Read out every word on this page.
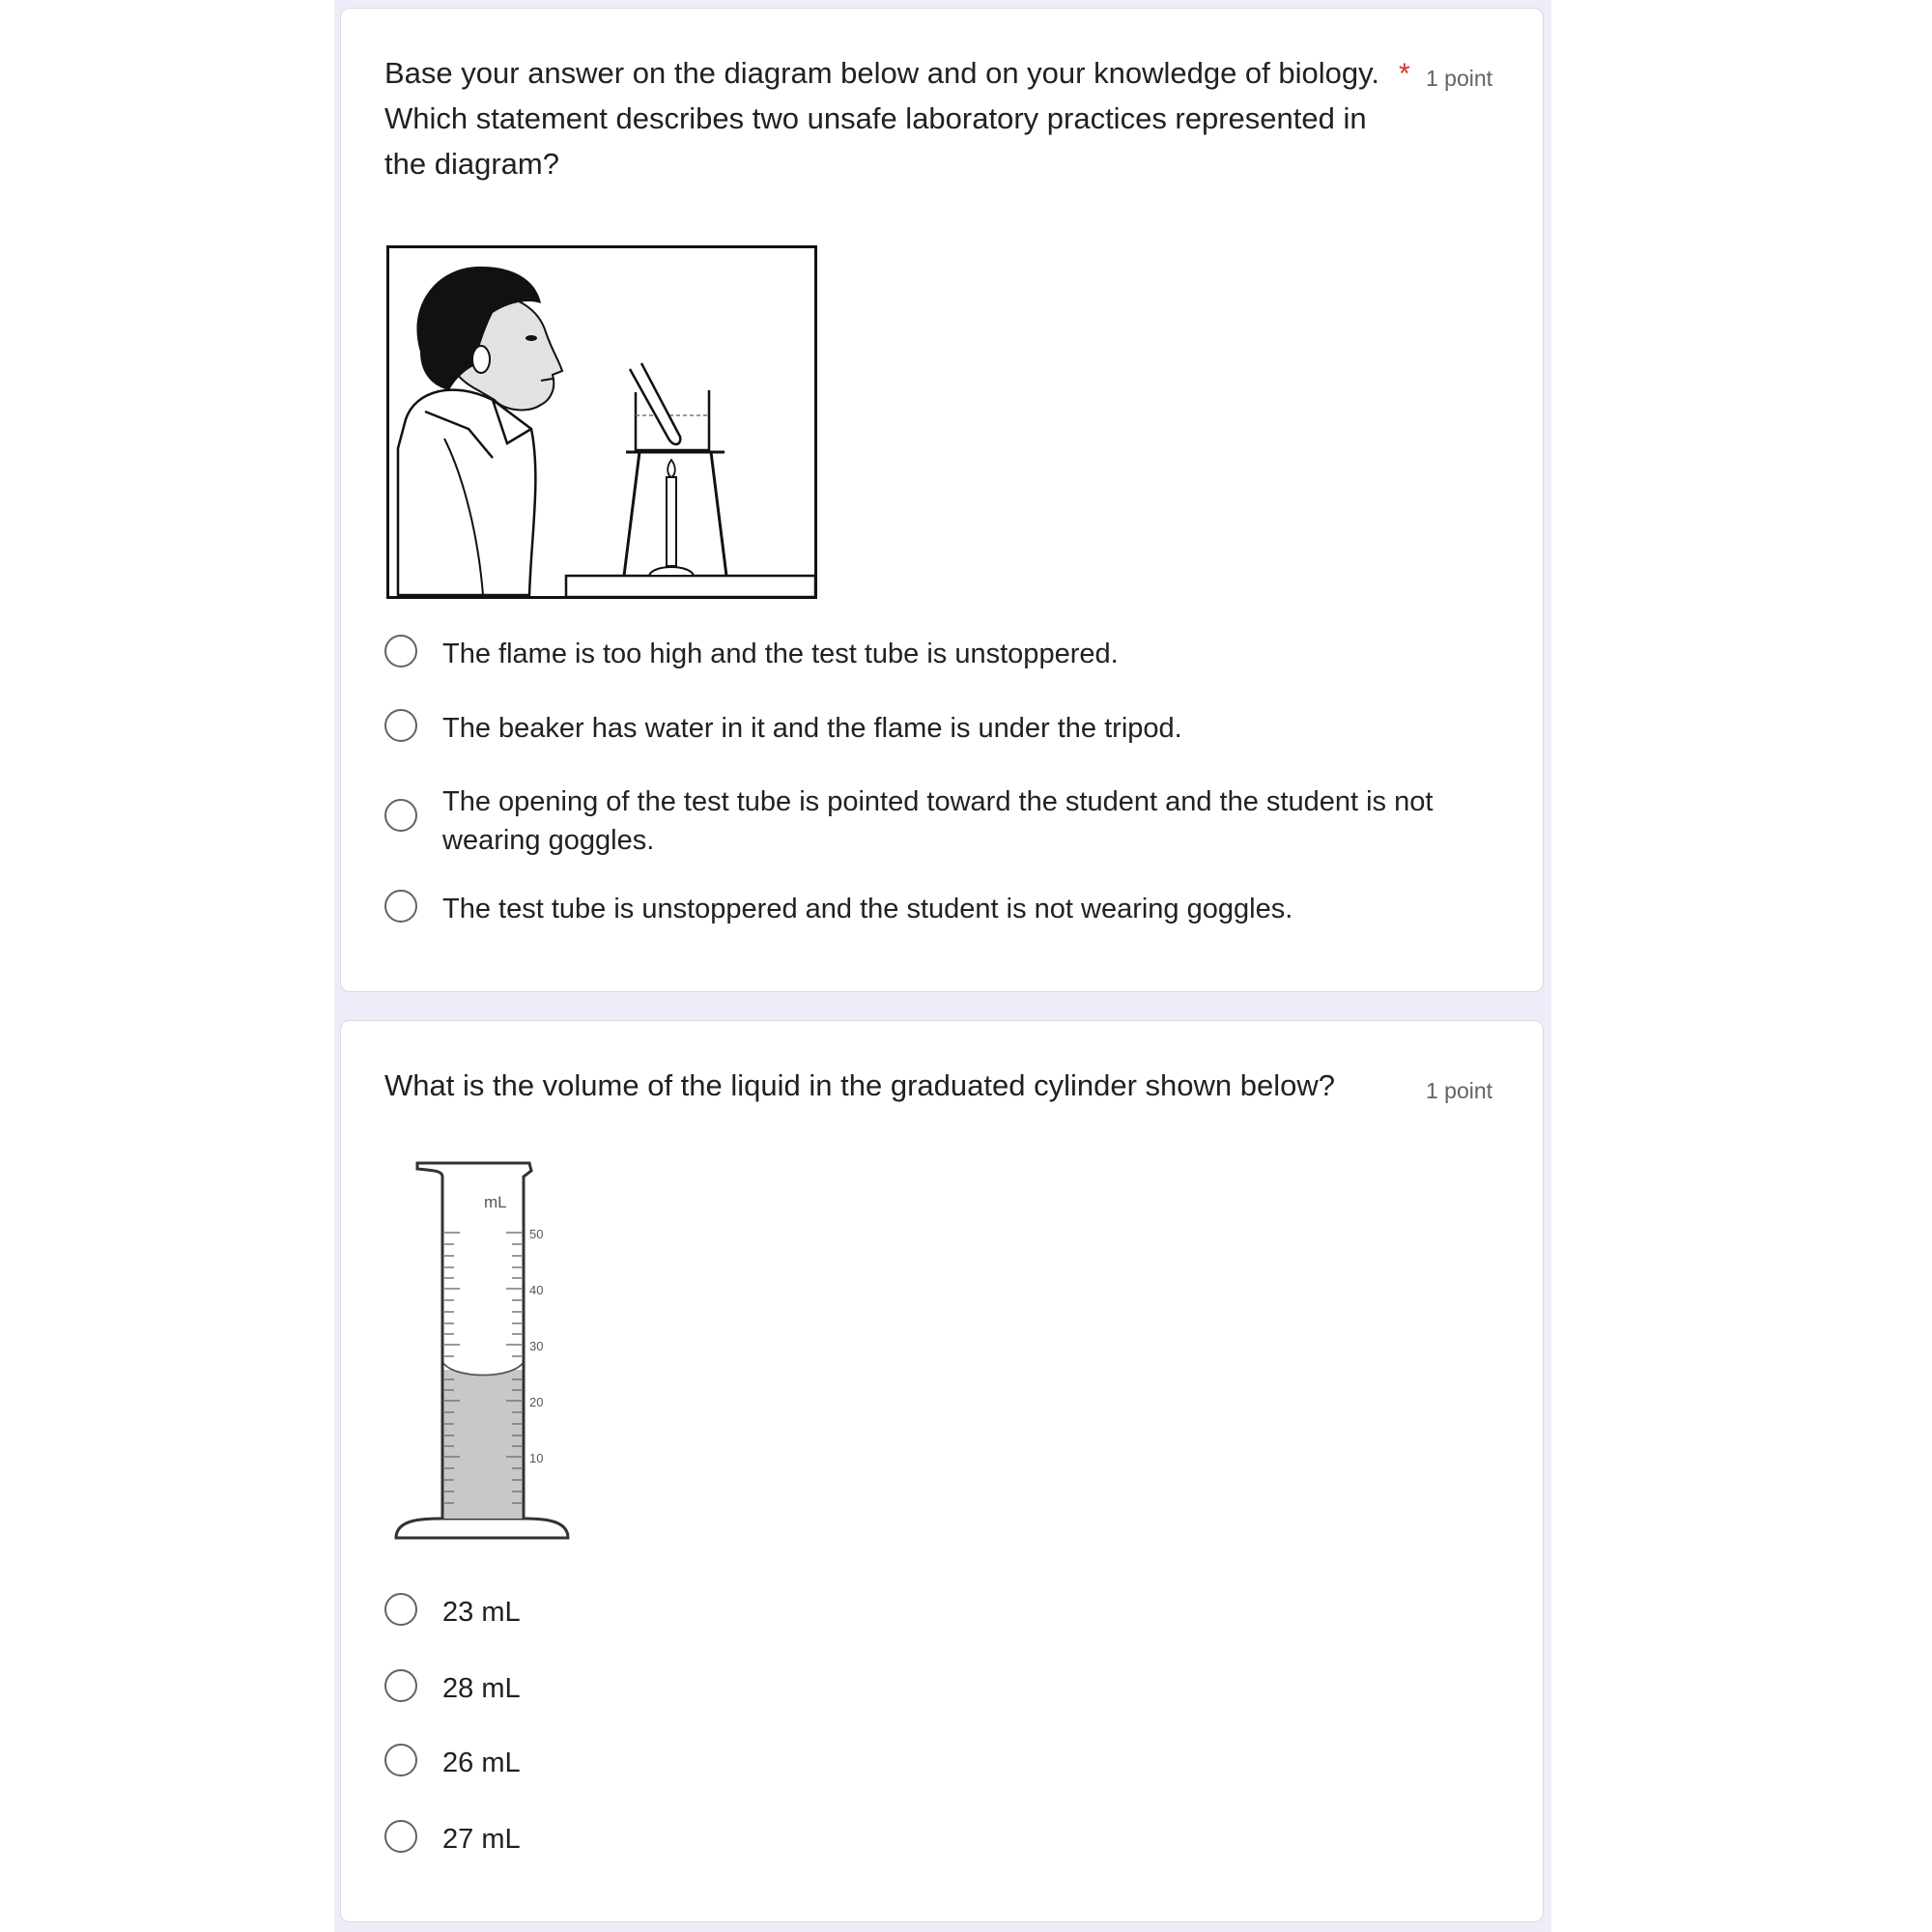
Base your answer on the diagram below and on your knowledge of biology.
Which statement describes two unsafe laboratory practices represented in
the diagram?
* 1 point
The flame is too high and the test tube is unstoppered.
The beaker has water in it and the flame is under the tripod.
The opening of the test tube is pointed toward the student and the student is not
wearing goggles.
The test tube is unstoppered and the student is not wearing goggles.
What is the volume of the liquid in the graduated cylinder shown below?	1 point
mL
50
40
30
20
10
23 mL
28 mL
26 mL
27 mL
